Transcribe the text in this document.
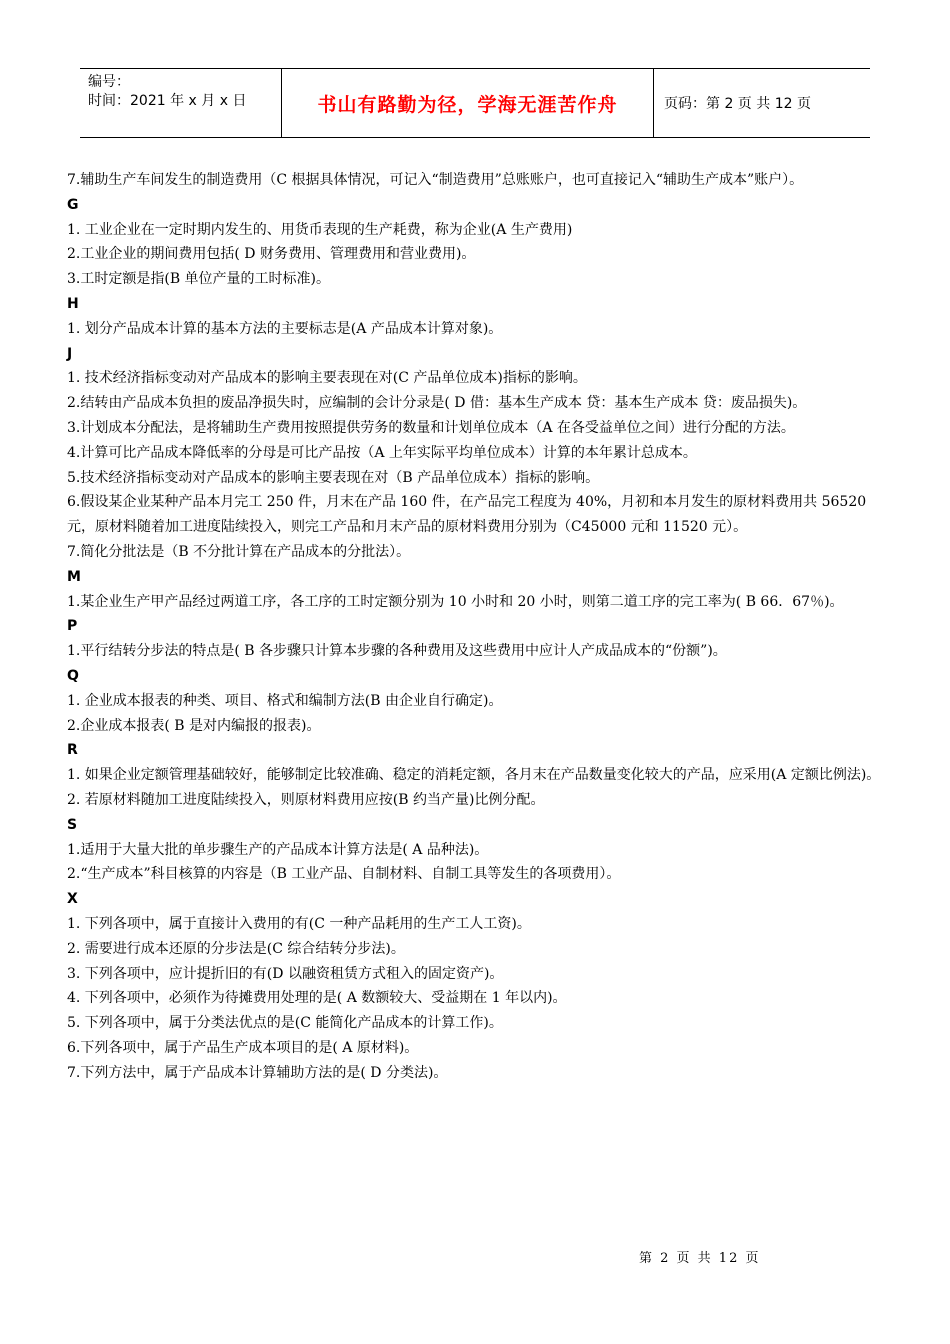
编号：
时间：2021 年 x 月 x 日	书山有路勤为径，学海无涯苦作舟	页码：第 2 页 共 12 页

7.辅助生产车间发生的制造费用（C 根据具体情况，可记入“制造费用”总账账户，也可直接记入“辅助生产成本”账户）。

G

1. 工业企业在一定时期内发生的、用货币表现的生产耗费，称为企业(A 生产费用)

2.工业企业的期间费用包括( D 财务费用、管理费用和营业费用)。

3.工时定额是指(B 单位产量的工时标准)。

H

1. 划分产品成本计算的基本方法的主要标志是(A 产品成本计算对象)。

J

1. 技术经济指标变动对产品成本的影响主要表现在对(C 产品单位成本)指标的影响。

2.结转由产品成本负担的废品净损失时，应编制的会计分录是( D 借：基本生产成本 贷：基本生产成本 贷：废品损失)。

3.计划成本分配法，是将辅助生产费用按照提供劳务的数量和计划单位成本（A 在各受益单位之间）进行分配的方法。

4.计算可比产品成本降低率的分母是可比产品按（A 上年实际平均单位成本）计算的本年累计总成本。

5.技术经济指标变动对产品成本的影响主要表现在对（B 产品单位成本）指标的影响。

6.假设某企业某种产品本月完工 250 件，月末在产品 160 件，在产品完工程度为 40%，月初和本月发生的原材料费用共 56520 元，原材料随着加工进度陆续投入，则完工产品和月末产品的原材料费用分别为（C45000 元和 11520 元）。

7.简化分批法是（B 不分批计算在产品成本的分批法）。

M

1.某企业生产甲产品经过两道工序，各工序的工时定额分别为 10 小时和 20 小时，则第二道工序的完工率为( B 66．67％)。

P

1.平行结转分步法的特点是( B 各步骤只计算本步骤的各种费用及这些费用中应计人产成品成本的“份额”)。

Q

1. 企业成本报表的种类、项目、格式和编制方法(B 由企业自行确定)。

2.企业成本报表( B 是对内编报的报表)。

R

1. 如果企业定额管理基础较好，能够制定比较准确、稳定的消耗定额，各月末在产品数量变化较大的产品，应采用(A 定额比例法)。

2. 若原材料随加工进度陆续投入，则原材料费用应按(B 约当产量)比例分配。

S

1.适用于大量大批的单步骤生产的产品成本计算方法是( A 品种法)。

2.“生产成本”科目核算的内容是（B 工业产品、自制材料、自制工具等发生的各项费用）。

X

1. 下列各项中，属于直接计入费用的有(C 一种产品耗用的生产工人工资)。

2. 需要进行成本还原的分步法是(C 综合结转分步法)。

3. 下列各项中，应计提折旧的有(D 以融资租赁方式租入的固定资产)。

4. 下列各项中，必须作为待摊费用处理的是( A 数额较大、受益期在 1 年以内)。

5. 下列各项中，属于分类法优点的是(C 能简化产品成本的计算工作)。

6.下列各项中，属于产品生产成本项目的是( A 原材料)。

7.下列方法中，属于产品成本计算辅助方法的是( D 分类法)。

第 2 页 共 12 页
